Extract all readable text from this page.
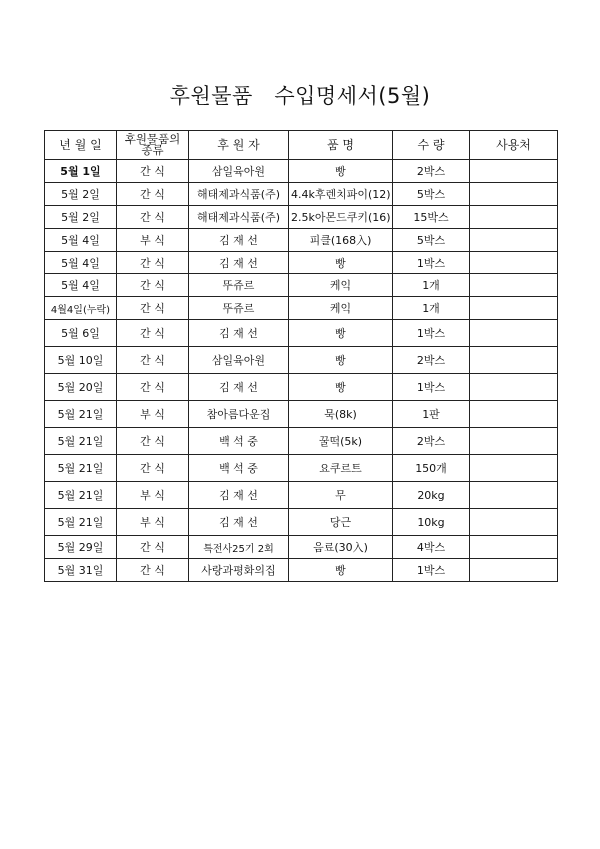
후원물품   수입명세서(5월)
년 월 일	후원물품의 종류	후 원 자	품 명	수 량	사용처
5월 1일	간 식	삼일육아원	빵	2박스	
5월 2일	간 식	해태제과식품(주)	4.4k후렌치파이(12)	5박스	
5월 2일	간 식	해태제과식품(주)	2.5k아몬드쿠키(16)	15박스	
5월 4일	부 식	김 재 선	피클(168入)	5박스	
5월 4일	간 식	김 재 선	빵	1박스	
5월 4일	간 식	뚜쥬르	케익	1개	
4월4일(누락)	간 식	뚜쥬르	케익	1개	
5월 6일	간 식	김 재 선	빵	1박스	
5월 10일	간 식	삼일육아원	빵	2박스	
5월 20일	간 식	김 재 선	빵	1박스	
5월 21일	부 식	참아름다운집	묵(8k)	1판	
5월 21일	간 식	백 석 중	꿀떡(5k)	2박스	
5월 21일	간 식	백 석 중	요쿠르트	150개	
5월 21일	부 식	김 재 선	무	20kg	
5월 21일	부 식	김 재 선	당근	10kg	
5월 29일	간 식	특전사25기 2회	음료(30入)	4박스	
5월 31일	간 식	사랑과평화의집	빵	1박스	
